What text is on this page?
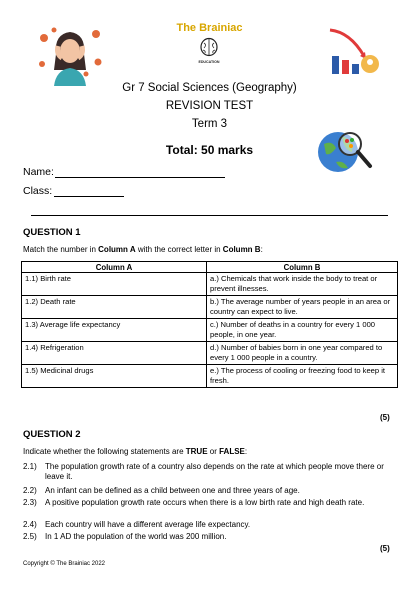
The Brainiac
EDUCATION
Gr 7 Social Sciences (Geography)
REVISION TEST
Term 3
Total: 50 marks
Name:
Class:
QUESTION 1
Match the number in Column A with the correct letter in Column B:
Column A	Column B
1.1) Birth rate	a.) Chemicals that work inside the body to treat or prevent illnesses.
1.2) Death rate	b.) The average number of years people in an area or country can expect to live.
1.3) Average life expectancy	c.) Number of deaths in a country for every 1 000 people, in one year.
1.4) Refrigeration	d.) Number of babies born in one year compared to every 1 000 people in a country.
1.5) Medicinal drugs	e.) The process of cooling or freezing food to keep it fresh.
(5)
QUESTION 2
Indicate whether the following statements are TRUE or FALSE:
2.1)	The population growth rate of a country also depends on the rate at which people move there or leave it.
2.2)	An infant can be defined as a child between one and three years of age.
2.3)	A positive population growth rate occurs when there is a low birth rate and high death rate.
2.4)	Each country will have a different average life expectancy.
2.5)	In 1 AD the population of the world was 200 million.
(5)
Copyright © The Brainiac 2022
